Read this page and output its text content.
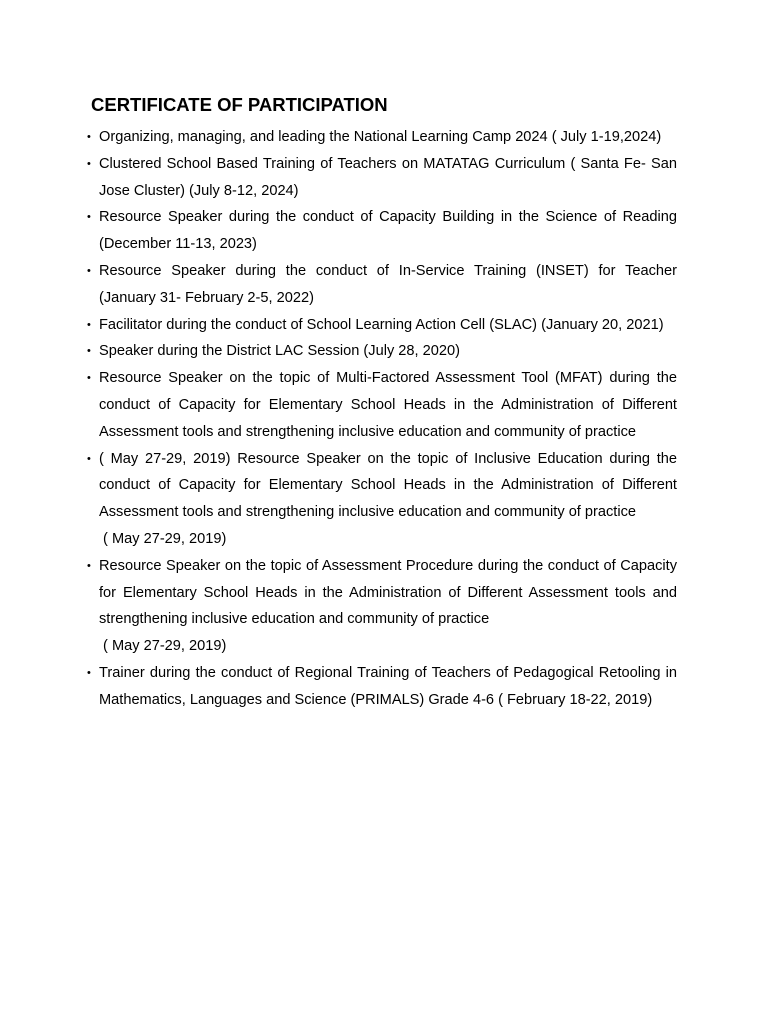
CERTIFICATE OF PARTICIPATION
• Organizing, managing, and leading the National Learning Camp 2024 ( July 1-19,2024)
• Clustered School Based Training of Teachers on MATATAG Curriculum ( Santa Fe- San Jose Cluster) (July 8-12, 2024)
• Resource Speaker during the conduct of Capacity Building in the Science of Reading (December 11-13, 2023)
• Resource Speaker during the conduct of In-Service Training (INSET) for Teacher (January 31- February 2-5, 2022)
• Facilitator during the conduct of School Learning Action Cell (SLAC) (January 20, 2021)
• Speaker during the District LAC Session (July 28, 2020)
• Resource Speaker on the topic of Multi-Factored Assessment Tool (MFAT) during the conduct of Capacity for Elementary School Heads in the Administration of Different Assessment tools and strengthening inclusive education and community of practice
• ( May 27-29, 2019) Resource Speaker on the topic of Inclusive Education during the conduct of Capacity for Elementary School Heads in the Administration of Different Assessment tools and strengthening inclusive education and community of practice
( May 27-29, 2019)
• Resource Speaker on the topic of Assessment Procedure during the conduct of Capacity for Elementary School Heads in the Administration of Different Assessment tools and strengthening inclusive education and community of practice
( May 27-29, 2019)
• Trainer during the conduct of Regional Training of Teachers of Pedagogical Retooling in Mathematics, Languages and Science (PRIMALS) Grade 4-6 ( February 18-22, 2019)
